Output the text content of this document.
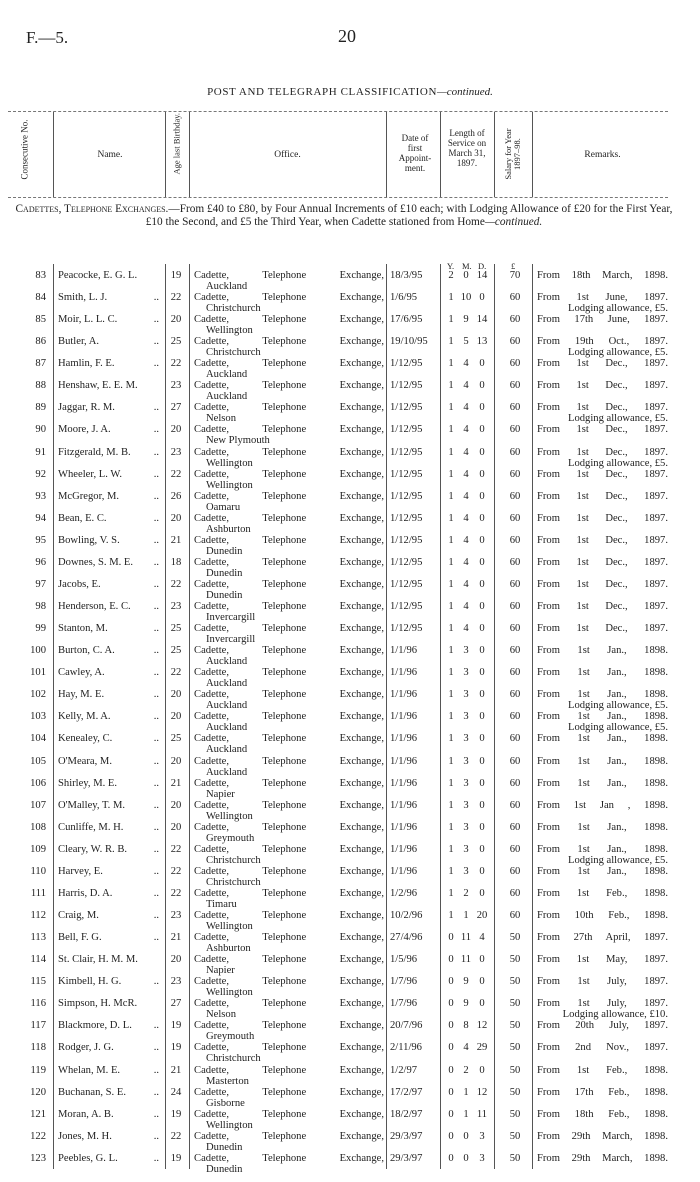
F.—5.	20
POST AND TELEGRAPH CLASSIFICATION—continued.
Consecutive No.	Name.	Age last Birthday.	Office.
Date of first Appoint- ment.
Length of Service on March 31, 1897.	Salary for Year 1897–98.	Remarks.
Cadettes, Telephone Exchanges.—From £40 to £80, by Four Annual Increments of £10 each; with Lodging Allowance of £20 for the First Year, £10 the Second, and £5 the Third Year, when Cadette stationed from Home—continued.
Y. M. D.	£
83 Peacocke, E. G. L.	19	Cadette, Telephone Exchange,
Auckland
18/3/95 2 0 14	70	From 18th March, 1898.
84 Smith, L. J.	..	22	Cadette, Telephone Exchange,
Christchurch
1/6/95	1 10 0	60	From 1st June, 1897.
Lodging allowance, £5.
85 Moir, L. L. C.	..	20	Cadette, Telephone Exchange,
Wellington
17/6/95 1 9 14	60	From 17th June, 1897.
86 Butler, A.	..	25	Cadette, Telephone Exchange,
Christchurch
19/10/95 1 5 13	60	From 19th Oct., 1897.
Lodging allowance, £5.
87 Hamlin, F. E.	..	22	Cadette, Telephone Exchange,
Auckland
1/12/95 1 4	0	60	From 1st Dec., 1897.
88 Henshaw, E. E. M.	23	Cadette, Telephone Exchange,
Auckland
1/12/95 1 4	0	60	From 1st Dec., 1897.
89 Jaggar, R. M.	..	27	Cadette, Telephone Exchange,
Nelson
1/12/95 1 4	0	60	From 1st Dec., 1897.
Lodging allowance, £5.
90 Moore, J. A.	..	20	Cadette, Telephone Exchange,
New Plymouth
1/12/95 1 4	0	60	From 1st Dec., 1897.
91 Fitzgerald, M. B.	..	23	Cadette, Telephone Exchange,
Wellington
1/12/95 1 4	0	60	From 1st Dec., 1897.
Lodging allowance, £5.
92 Wheeler, L. W.	..	22	Cadette, Telephone Exchange,
Wellington
1/12/95 1 4	0	60	From 1st Dec., 1897.
93 McGregor, M.	..	26	Cadette, Telephone Exchange,
Oamaru
1/12/95 1 4	0	60	From 1st Dec., 1897.
94 Bean, E. C.	..	20	Cadette, Telephone Exchange,
Ashburton
1/12/95 1 4	0	60	From 1st Dec., 1897.
95 Bowling, V. S.	..	21	Cadette, Telephone Exchange,
Dunedin
1/12/95 1 4	0	60	From 1st Dec., 1897.
96 Downes, S. M. E.	..	18	Cadette, Telephone Exchange,
Dunedin
1/12/95 1 4	0	60	From 1st Dec., 1897.
97 Jacobs, E.	..	22	Cadette, Telephone Exchange,
Dunedin
1/12/95 1 4	0	60	From 1st Dec., 1897.
98 Henderson, E. C.	..	23	Cadette, Telephone Exchange,
Invercargill
1/12/95 1 4	0	60	From 1st Dec., 1897.
99 Stanton, M.	..	25	Cadette, Telephone Exchange,
Invercargill
1/12/95 1 4	0	60	From 1st Dec., 1897.
100 Burton, C. A.	..	25	Cadette, Telephone Exchange,
Auckland
1/1/96	1 3	0	60	From 1st Jan., 1898.
101 Cawley, A.	..	22	Cadette, Telephone Exchange,
Auckland
1/1/96	1 3	0	60	From 1st Jan., 1898.
102 Hay, M. E.	..	20	Cadette, Telephone Exchange,
Auckland
1/1/96	1 3	0	60	From 1st Jan., 1898.
Lodging allowance, £5.
103 Kelly, M. A.	..	20	Cadette, Telephone Exchange,
Auckland
1/1/96	1 3	0	60	From 1st Jan., 1898.
Lodging allowance, £5.
104 Kenealey, C.	..	25	Cadette, Telephone Exchange,
Auckland
1/1/96	1 3	0	60	From 1st Jan., 1898.
105 O'Meara, M.	..	20	Cadette, Telephone Exchange,
Auckland
1/1/96	1 3	0	60	From 1st Jan., 1898.
106 Shirley, M. E.	..	21	Cadette, Telephone Exchange,
Napier
1/1/96	1 3	0	60	From 1st Jan., 1898.
107 O'Malley, T. M.	..	20	Cadette, Telephone Exchange,
Wellington
1/1/96	1 3	0	60	From 1st Jan , 1898.
108 Cunliffe, M. H.	..	20	Cadette, Telephone Exchange,
Greymouth
1/1/96	1 3	0	60	From 1st Jan., 1898.
109 Cleary, W. R. B.	..	22	Cadette, Telephone Exchange,
Christchurch
1/1/96	1 3	0	60	From 1st Jan., 1898.
Lodging allowance, £5.
110 Harvey, E.	..	22	Cadette, Telephone Exchange,
Christchurch
1/1/96	1 3	0	60	From 1st Jan., 1898.
111 Harris, D. A.	..	22	Cadette, Telephone Exchange,
Timaru
1/2/96	1 2	0	60	From 1st Feb., 1898.
112 Craig, M.	..	23	Cadette, Telephone Exchange,
Wellington
10/2/96 1 1 20	60	From 10th Feb., 1898.
113 Bell, F. G.	..	21	Cadette, Telephone Exchange,
Ashburton
27/4/96 0 11 4	50	From 27th April, 1897.
114 St. Clair, H. M. M.	20	Cadette, Telephone Exchange,
Napier
1/5/96	0 11 0	50	From 1st May, 1897.
115 Kimbell, H. G.	..	23	Cadette, Telephone Exchange,
Wellington
1/7/96	0 9	0	50	From 1st July, 1897.
116 Simpson, H. McR.	27	Cadette, Telephone Exchange,
Nelson
1/7/96	0 9	0	50	From 1st July, 1897.
Lodging allowance, £10.
117 Blackmore, D. L.	..	19	Cadette, Telephone Exchange,
Greymouth
20/7/96 0 8 12	50	From 20th July, 1897.
118 Rodger, J. G.	..	19	Cadette, Telephone Exchange,
Christchurch
2/11/96 0 4 29	50	From 2nd Nov., 1897.
119 Whelan, M. E.	..	21	Cadette, Telephone Exchange,
Masterton
1/2/97	0 2	0	50	From 1st Feb., 1898.
120 Buchanan, S. E.	..	24	Cadette, Telephone Exchange,
Gisborne
17/2/97 0 1 12	50	From 17th Feb., 1898.
121 Moran, A. B.	..	19	Cadette, Telephone Exchange,
Wellington
18/2/97 0 1 11	50	From 18th Feb., 1898.
122 Jones, M. H.	..	22	Cadette, Telephone Exchange,
Dunedin
29/3/97 0 0	3	50	From 29th March, 1898.
123 Peebles, G. L.	..	19	Cadette, Telephone Exchange,
Dunedin
29/3/97 0 0	3	50	From 29th March, 1898.
